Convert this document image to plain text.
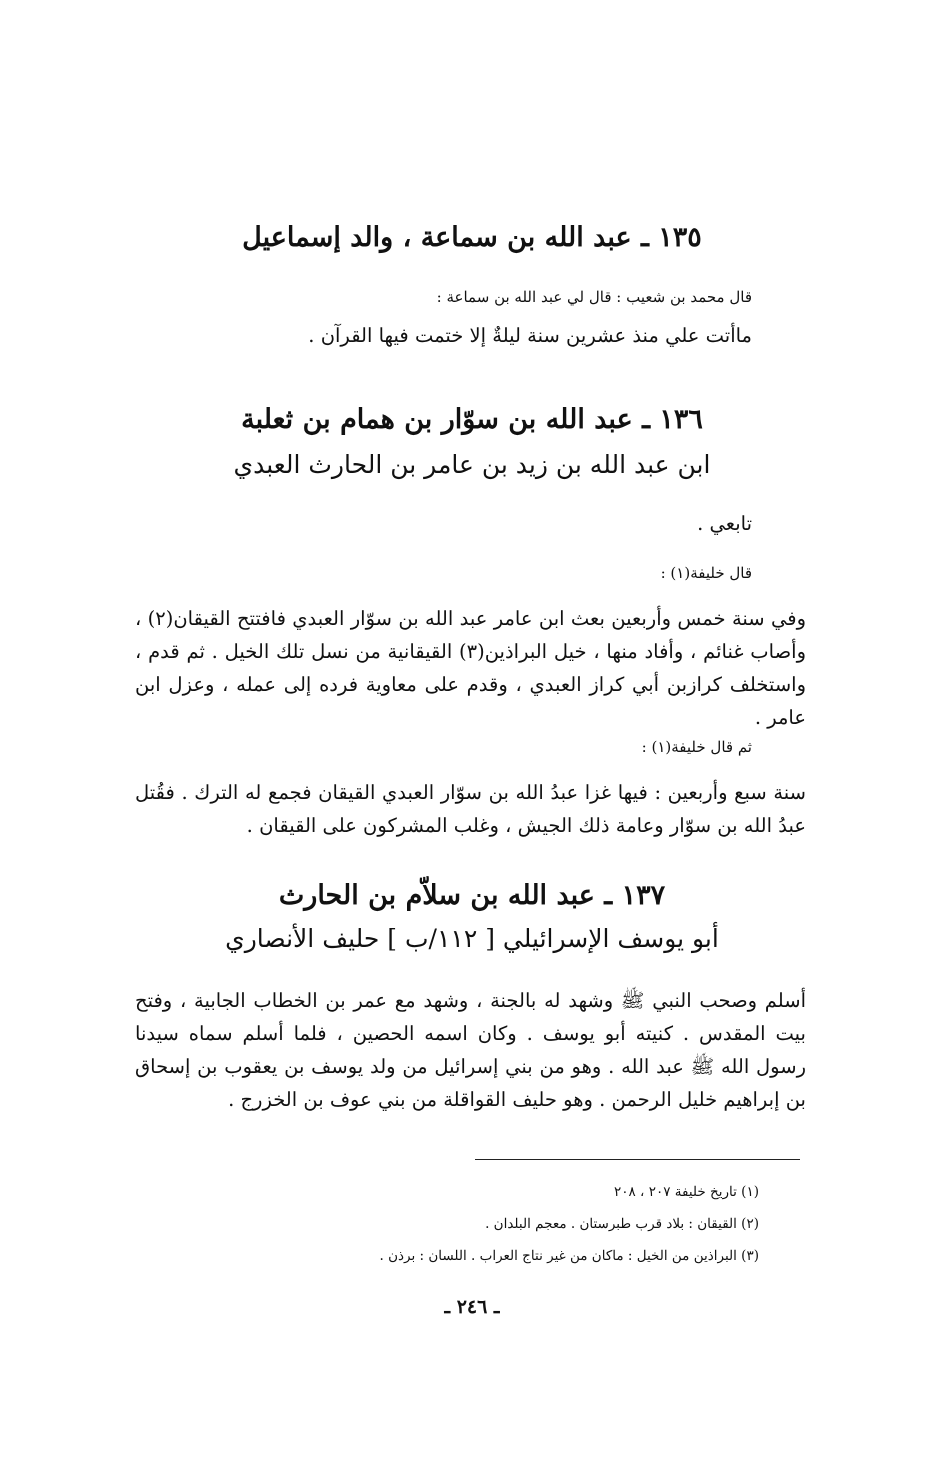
١٣٥ ـ عبد الله بن سماعة ، والد إسماعيل
قال محمد بن شعيب : قال لي عبد الله بن سماعة :
ماأتت علي منذ عشرين سنة ليلةٌ إلا ختمت فيها القرآن .
١٣٦ ـ عبد الله بن سوّار بن همام بن ثعلبة
ابن عبد الله بن زيد بن عامر بن الحارث العبدي
تابعي .
قال خليفة(١) :
وفي سنة خمس وأربعين بعث ابن عامر عبد الله بن سوّار العبدي فافتتح القيقان(٢) ، وأصاب غنائم ، وأفاد منها ، خيل البراذين(٣) القيقانية من نسل تلك الخيل . ثم قدم ، واستخلف كرازبن أبي كراز العبدي ، وقدم على معاوية فرده إلى عمله ، وعزل ابن عامر .
ثم قال خليفة(١) :
سنة سبع وأربعين : فيها غزا عبدُ الله بن سوّار العبدي القيقان فجمع له الترك . فقُتل عبدُ الله بن سوّار وعامة ذلك الجيش ، وغلب المشركون على القيقان .
١٣٧ ـ عبد الله بن سلاّم بن الحارث
أبو يوسف الإسرائيلي [ ١١٢/ب ] حليف الأنصاري
أسلم وصحب النبي ﷺ وشهد له بالجنة ، وشهد مع عمر بن الخطاب الجابية ، وفتح بيت المقدس . كنيته أبو يوسف . وكان اسمه الحصين ، فلما أسلم سماه سيدنا رسول الله ﷺ عبد الله . وهو من بني إسرائيل من ولد يوسف بن يعقوب بن إسحاق بن إبراهيم خليل الرحمن . وهو حليف القواقلة من بني عوف بن الخزرج .
(١) تاريخ خليفة ٢٠٧ ، ٢٠٨
(٢) القيقان : بلاد قرب طبرستان . معجم البلدان .
(٣) البراذين من الخيل : ماكان من غير نتاج العراب . اللسان : برذن .
ـ ٢٤٦ ـ
